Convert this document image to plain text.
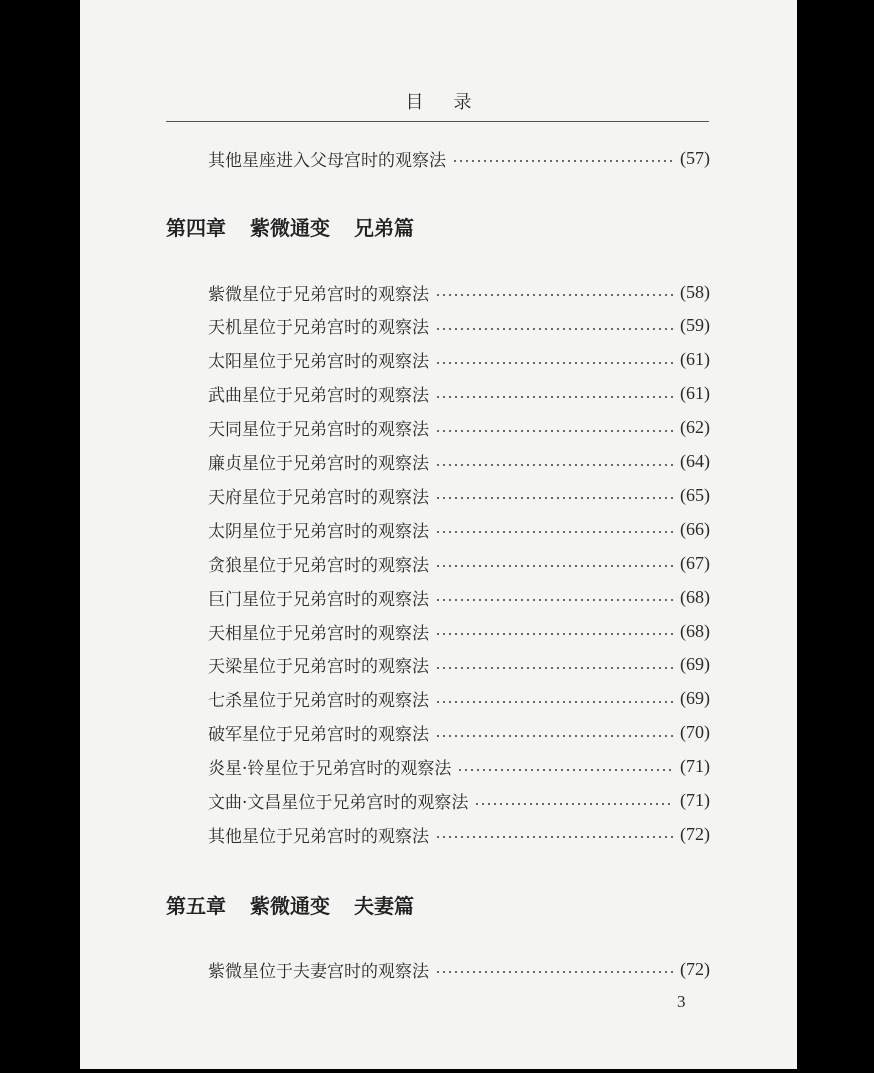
目录
其他星座进入父母宫时的观察法	(57)
第四章 紫微通变 兄弟篇
紫微星位于兄弟宫时的观察法	(58)
天机星位于兄弟宫时的观察法	(59)
太阳星位于兄弟宫时的观察法	(61)
武曲星位于兄弟宫时的观察法	(61)
天同星位于兄弟宫时的观察法	(62)
廉贞星位于兄弟宫时的观察法	(64)
天府星位于兄弟宫时的观察法	(65)
太阴星位于兄弟宫时的观察法	(66)
贪狼星位于兄弟宫时的观察法	(67)
巨门星位于兄弟宫时的观察法	(68)
天相星位于兄弟宫时的观察法	(68)
天梁星位于兄弟宫时的观察法	(69)
七杀星位于兄弟宫时的观察法	(69)
破军星位于兄弟宫时的观察法	(70)
炎星·铃星位于兄弟宫时的观察法	(71)
文曲·文昌星位于兄弟宫时的观察法	(71)
其他星位于兄弟宫时的观察法	(72)
第五章 紫微通变 夫妻篇
紫微星位于夫妻宫时的观察法	(72)
3
